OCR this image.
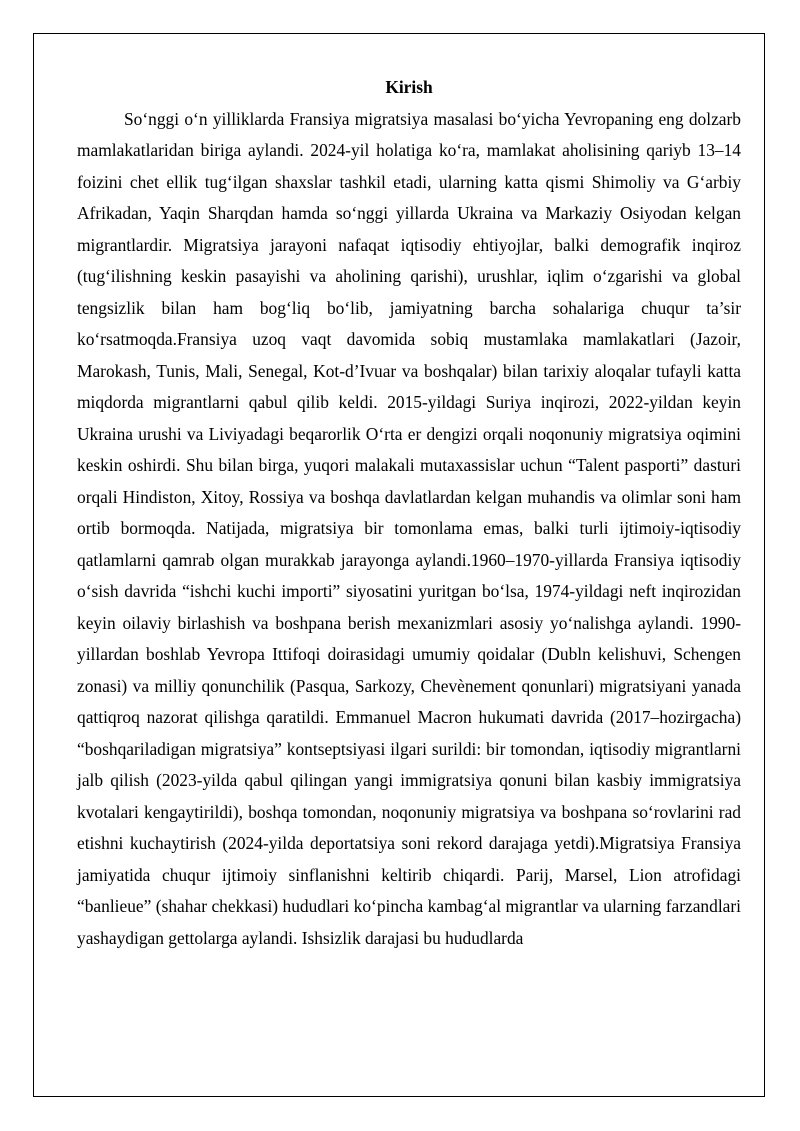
Kirish

So‘nggi o‘n yilliklarda Fransiya migratsiya masalasi bo‘yicha Yevropaning eng dolzarb mamlakatlaridan biriga aylandi. 2024-yil holatiga ko‘ra, mamlakat aholisining qariyb 13–14 foizini chet ellik tug‘ilgan shaxslar tashkil etadi, ularning katta qismi Shimoliy va G‘arbiy Afrikadan, Yaqin Sharqdan hamda so‘nggi yillarda Ukraina va Markaziy Osiyodan kelgan migrantlardir. Migratsiya jarayoni nafaqat iqtisodiy ehtiyojlar, balki demografik inqiroz (tug‘ilishning keskin pasayishi va aholining qarishi), urushlar, iqlim o‘zgarishi va global tengsizlik bilan ham bog‘liq bo‘lib, jamiyatning barcha sohalariga chuqur ta’sir ko‘rsatmoqda.Fransiya uzoq vaqt davomida sobiq mustamlaka mamlakatlari (Jazoir, Marokash, Tunis, Mali, Senegal, Kot-d’Ivuar va boshqalar) bilan tarixiy aloqalar tufayli katta miqdorda migrantlarni qabul qilib keldi. 2015-yildagi Suriya inqirozi, 2022-yildan keyin Ukraina urushi va Liviyadagi beqarorlik O‘rta er dengizi orqali noqonuniy migratsiya oqimini keskin oshirdi. Shu bilan birga, yuqori malakali mutaxassislar uchun “Talent pasporti” dasturi orqali Hindiston, Xitoy, Rossiya va boshqa davlatlardan kelgan muhandis va olimlar soni ham ortib bormoqda. Natijada, migratsiya bir tomonlama emas, balki turli ijtimoiy-iqtisodiy qatlamlarni qamrab olgan murakkab jarayonga aylandi.1960–1970-yillarda Fransiya iqtisodiy o‘sish davrida “ishchi kuchi importi” siyosatini yuritgan bo‘lsa, 1974-yildagi neft inqirozidan keyin oilaviy birlashish va boshpana berish mexanizmlari asosiy yo‘nalishga aylandi. 1990-yillardan boshlab Yevropa Ittifoqi doirasidagi umumiy qoidalar (Dubln kelishuvi, Schengen zonasi) va milliy qonunchilik (Pasqua, Sarkozy, Chevènement qonunlari) migratsiyani yanada qattiqroq nazorat qilishga qaratildi. Emmanuel Macron hukumati davrida (2017–hozirgacha) “boshqariladigan migratsiya” kontseptsiyasi ilgari surildi: bir tomondan, iqtisodiy migrantlarni jalb qilish (2023-yilda qabul qilingan yangi immigratsiya qonuni bilan kasbiy immigratsiya kvotalari kengaytirildi), boshqa tomondan, noqonuniy migratsiya va boshpana so‘rovlarini rad etishni kuchaytirish (2024-yilda deportatsiya soni rekord darajaga yetdi).Migratsiya Fransiya jamiyatida chuqur ijtimoiy sinflanishni keltirib chiqardi. Parij, Marsel, Lion atrofidagi “banlieue” (shahar chekkasi) hududlari ko‘pincha kambag‘al migrantlar va ularning farzandlari yashaydigan gettolarga aylandi. Ishsizlik darajasi bu hududlarda
